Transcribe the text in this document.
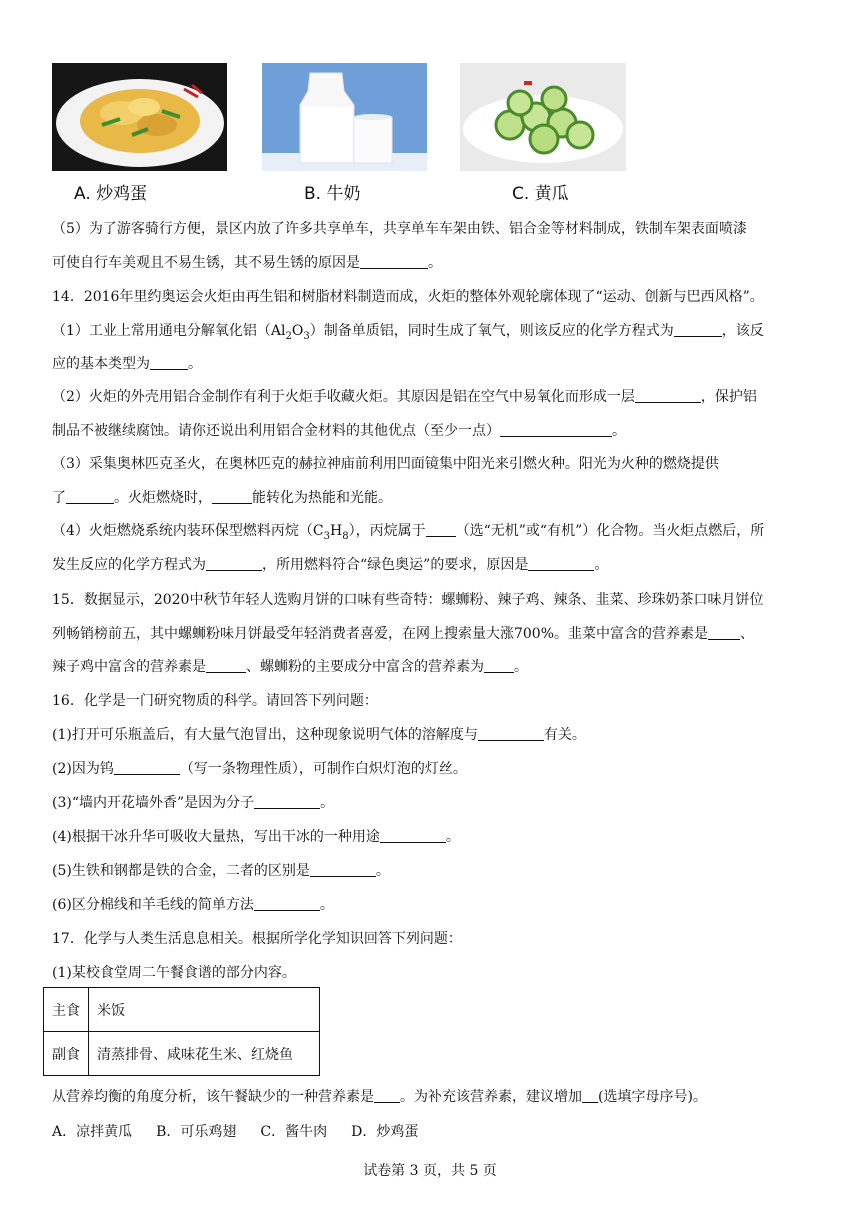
A. 炒鸡蛋	B. 牛奶	C. 黄瓜
（5）为了游客骑行方便，景区内放了许多共享单车，共享单车车架由铁、铝合金等材料制成，铁制车架表面喷漆
可使自行车美观且不易生锈，其不易生锈的原因是	。
14．2016年里约奥运会火炬由再生铝和树脂材料制造而成，火炬的整体外观轮廓体现了“运动、创新与巴西风格”。
（1）工业上常用通电分解氧化铝$(Al_2O_3)$制备单质铝，同时生成了氧气，则该反应的化学方程式为	，该反
应的基本类型为	。
（2）火炬的外壳用铝合金制作有利于火炬手收藏火炬。其原因是铝在空气中易氧化而形成一层	，保护铝
制品不被继续腐蚀。请你还说出利用铝合金材料的其他优点（至少一点）	。
（3）采集奥林匹克圣火，在奥林匹克的赫拉神庙前利用凹面镜集中阳光来引燃火种。阳光为火种的燃烧提供
了	。火炬燃烧时，	能转化为热能和光能。
（4）火炬燃烧系统内装环保型燃料丙烷$(C_3H_8)$，丙烷属于 （选“无机”或“有机”）化合物。当火炬点燃后，所
发生反应的化学方程式为	，所用燃料符合“绿色奥运”的要求，原因是	。
15．数据显示，2020中秋节年轻人选购月饼的口味有些奇特：螺蛳粉、辣子鸡、辣条、韭菜、珍珠奶茶口味月饼位
列畅销榜前五，其中螺蛳粉味月饼最受年轻消费者喜爱，在网上搜索量大涨700%。韭菜中富含的营养素是 、
辣子鸡中富含的营养素是	、螺蛳粉的主要成分中富含的营养素为 。
16．化学是一门研究物质的科学。请回答下列问题：
(1)打开可乐瓶盖后，有大量气泡冒出，这种现象说明气体的溶解度与	有关。
(2)因为钨	（写一条物理性质），可制作白炽灯泡的灯丝。
(3)“墙内开花墙外香”是因为分子	。
(4)根据干冰升华可吸收大量热，写出干冰的一种用途	。
(5)生铁和钢都是铁的合金，二者的区别是	。
(6)区分棉线和羊毛线的简单方法	。
17．化学与人类生活息息相关。根据所学化学知识回答下列问题：
(1)某校食堂周二午餐食谱的部分内容。
主食	米饭
副食	清蒸排骨、咸味花生米、红烧鱼
从营养均衡的角度分析，该午餐缺少的一种营养素是 。为补充该营养素，建议增加 (选填字母序号)。
A．凉拌黄瓜 B．可乐鸡翅 C．酱牛肉 D．炒鸡蛋
试卷第 3 页，共 5 页
